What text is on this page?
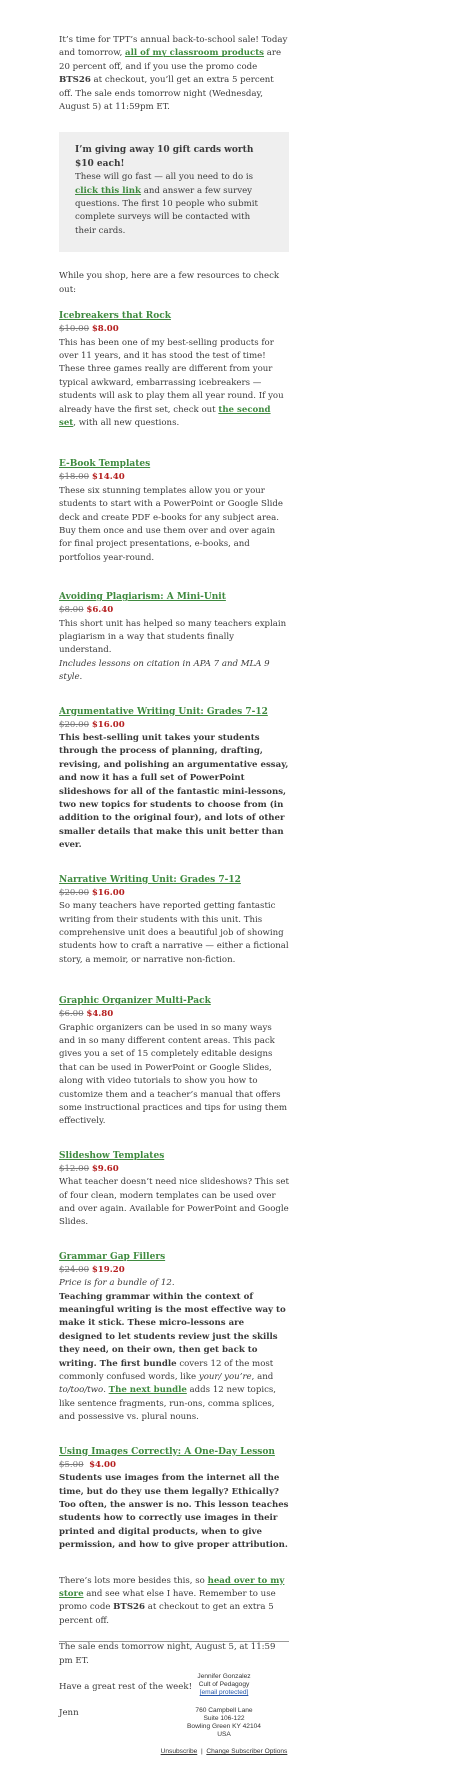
It’s time for TPT’s annual back-to-school sale! Today and tomorrow, all of my classroom products are 20 percent off, and if you use the promo code BTS26 at checkout, you’ll get an extra 5 percent off. The sale ends tomorrow night (Wednesday, August 5) at 11:59pm ET.

I’m giving away 10 gift cards worth $10 each!

These will go fast — all you need to do is click this link and answer a few survey questions. The first 10 people who submit complete surveys will be contacted with their cards.

While you shop, here are a few resources to check out:

Icebreakers that Rock

$10.00 $8.00

This has been one of my best-selling products for over 11 years, and it has stood the test of time! These three games really are different from your typical awkward, embarrassing icebreakers — students will ask to play them all year round. If you already have the first set, check out the second set, with all new questions.

E-Book Templates

$18.00 $14.40

These six stunning templates allow you or your students to start with a PowerPoint or Google Slide deck and create PDF e-books for any subject area. Buy them once and use them over and over again for final project presentations, e-books, and portfolios year-round.

Avoiding Plagiarism: A Mini-Unit

$8.00 $6.40

This short unit has helped so many teachers explain plagiarism in a way that students finally understand.

Includes lessons on citation in APA 7 and MLA 9 style.

Argumentative Writing Unit: Grades 7-12

$20.00 $16.00

This best-selling unit takes your students through the process of planning, drafting, revising, and polishing an argumentative essay, and now it has a full set of PowerPoint slideshows for all of the fantastic mini-lessons, two new topics for students to choose from (in addition to the original four), and lots of other smaller details that make this unit better than ever.

Narrative Writing Unit: Grades 7-12

$20.00 $16.00

So many teachers have reported getting fantastic writing from their students with this unit. This comprehensive unit does a beautiful job of showing students how to craft a narrative — either a fictional story, a memoir, or narrative non-fiction.

Graphic Organizer Multi-Pack

$6.00 $4.80

Graphic organizers can be used in so many ways and in so many different content areas. This pack gives you a set of 15 completely editable designs that can be used in PowerPoint or Google Slides, along with video tutorials to show you how to customize them and a teacher’s manual that offers some instructional practices and tips for using them effectively.

Slideshow Templates

$12.00 $9.60

What teacher doesn’t need nice slideshows? This set of four clean, modern templates can be used over and over again. Available for PowerPoint and Google Slides.

Grammar Gap Fillers

$24.00 $19.20

Price is for a bundle of 12.

Teaching grammar within the context of meaningful writing is the most effective way to make it stick. These micro-lessons are designed to let students review just the skills they need, on their own, then get back to writing. The first bundle covers 12 of the most commonly confused words, like your/ you’re, and to/too/two. The next bundle adds 12 new topics, like sentence fragments, run-ons, comma splices, and possessive vs. plural nouns.

Using Images Correctly: A One-Day Lesson

$5.00 $4.00

Students use images from the internet all the time, but do they use them legally? Ethically? Too often, the answer is no. This lesson teaches students how to correctly use images in their printed and digital products, when to give permission, and how to give proper attribution.

There’s lots more besides this, so head over to my store and see what else I have. Remember to use promo code BTS26 at checkout to get an extra 5 percent off.

The sale ends tomorrow night, August 5, at 11:59 pm ET.

Have a great rest of the week!

Jenn

Jennifer Gonzalez
Cult of Pedagogy
[email protected]
760 Campbell Lane
Suite 106-122
Bowling Green KY 42104
USA
Unsubscribe | Change Subscriber Options
